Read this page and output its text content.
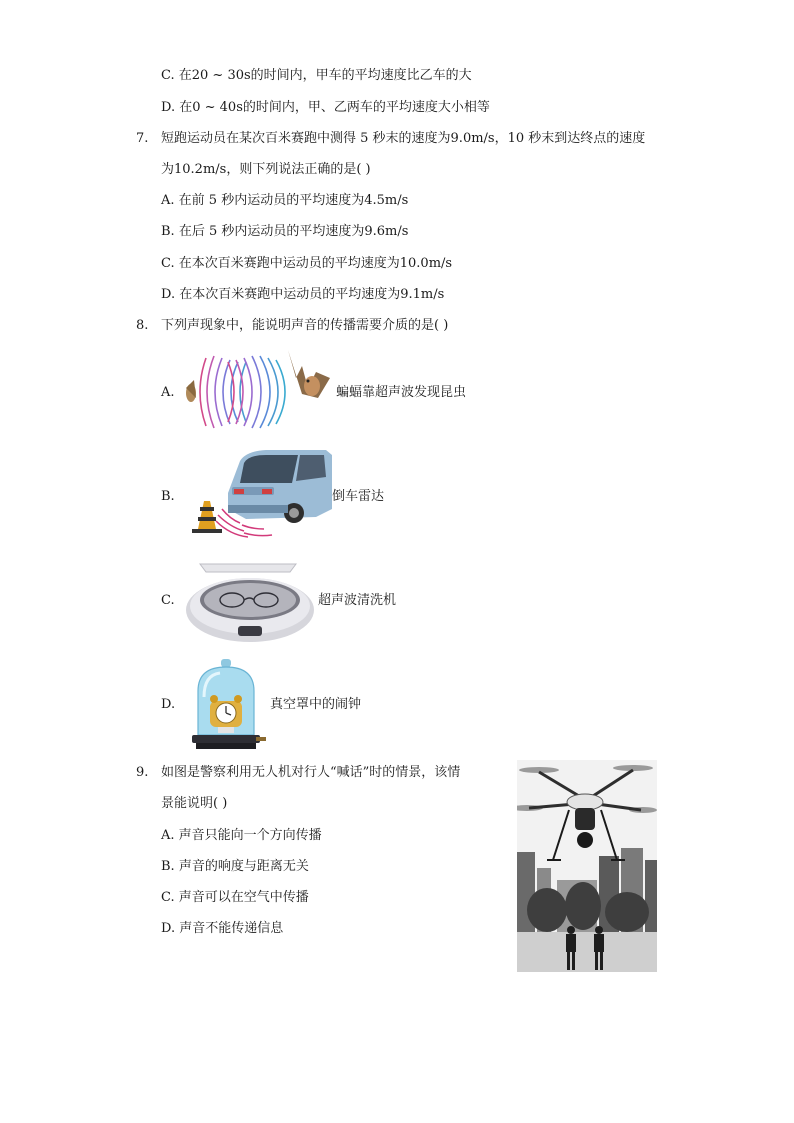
C. 在20 ~ 30s的时间内，甲车的平均速度比乙车的大
D. 在0 ~ 40s的时间内，甲、乙两车的平均速度大小相等
7. 短跑运动员在某次百米赛跑中测得 5 秒末的速度为9.0m/s，10 秒末到达终点的速度
为10.2m/s，则下列说法正确的是( )
A. 在前 5 秒内运动员的平均速度为4.5m/s
B. 在后 5 秒内运动员的平均速度为9.6m/s
C. 在本次百米赛跑中运动员的平均速度为10.0m/s
D. 在本次百米赛跑中运动员的平均速度为9.1m/s
8. 下列声现象中，能说明声音的传播需要介质的是( )
A.	蝙蝠靠超声波发现昆虫
B.	倒车雷达
C.	超声波清洗机
D.	真空罩中的闹钟
9. 如图是警察利用无人机对行人“喊话”时的情景，该情
景能说明( )
A. 声音只能向一个方向传播
B. 声音的响度与距离无关
C. 声音可以在空气中传播
D. 声音不能传递信息
